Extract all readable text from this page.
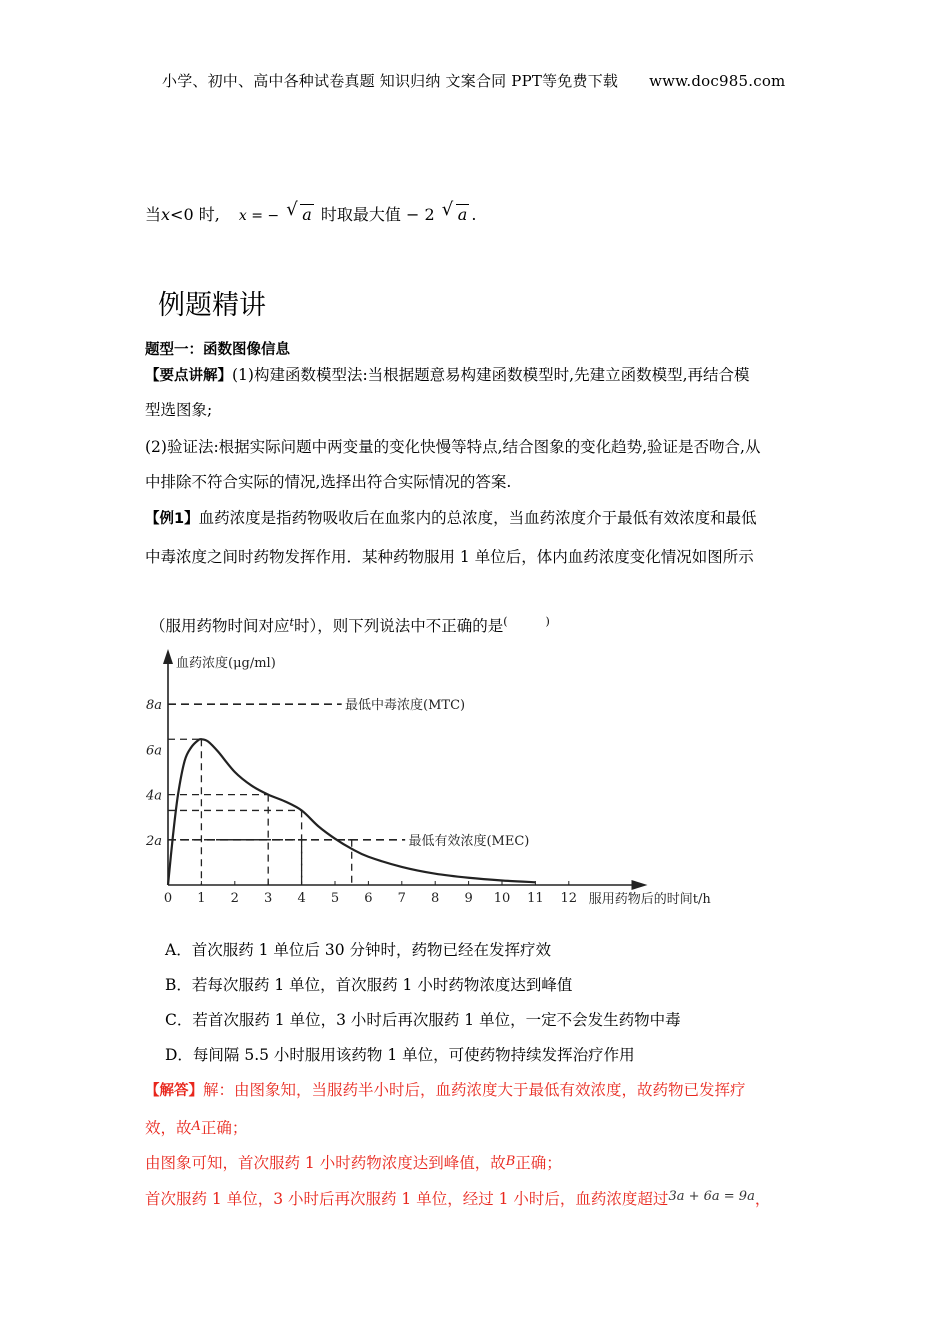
小学、初中、高中各种试卷真题 知识归纳 文案合同 PPT等免费下载 www.doc985.com
当x<0 时, x = − √ a 时取最大值 − 2 √ a .
例题精讲
题型一：函数图像信息
【要点讲解】(1)构建函数模型法:当根据题意易构建函数模型时,先建立函数模型,再结合模
型选图象;
(2)验证法:根据实际问题中两变量的变化快慢等特点,结合图象的变化趋势,验证是否吻合,从
中排除不符合实际的情况,选择出符合实际情况的答案.
【例1】血药浓度是指药物吸收后在血浆内的总浓度，当血药浓度介于最低有效浓度和最低
中毒浓度之间时药物发挥作用．某种药物服用 1 单位后，体内血药浓度变化情况如图所示
（服用药物时间对应$^t$时），则下列说法中不正确的是(	)
血药浓度(μg/ml)
服用药物后的时间t/h
0 1 2 3 4 5 6 7 8 9 10 11 12
2a
4a
6a
8a	最低中毒浓度(MTC)
最低有效浓度(MEC)
A．首次服药 1 单位后 30 分钟时，药物已经在发挥疗效
B．若每次服药 1 单位，首次服药 1 小时药物浓度达到峰值
C．若首次服药 1 单位，3 小时后再次服药 1 单位，一定不会发生药物中毒
D．每间隔 5.5 小时服用该药物 1 单位，可使药物持续发挥治疗作用
【解答】解：由图象知，当服药半小时后，血药浓度大于最低有效浓度，故药物已发挥疗
效，故A正确；
由图象可知，首次服药 1 小时药物浓度达到峰值，故B正确；
首次服药 1 单位，3 小时后再次服药 1 单位，经过 1 小时后，血药浓度超过$^{3a + 6a = 9a}$，
